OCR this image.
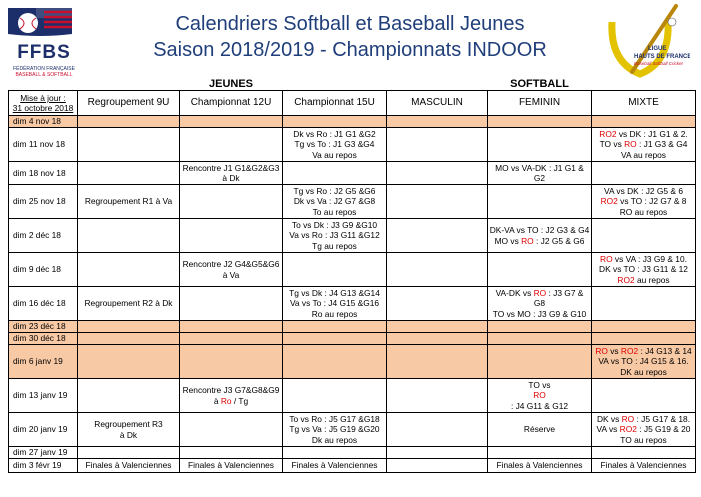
FFBS
FÉDÉRATION FRANÇAISE
BASEBALL & SOFTBALL
Calendriers Softball et Baseball Jeunes
Saison 2018/2019 - Championnats INDOOR	LIGUE
HAUTS DE FRANCE
Baseball Softball Cricket
		JEUNES			SOFTBALL	
Mise à jour :
31 octobre 2018	Regroupement 9U	Championnat 12U	Championnat 15U	MASCULIN	FEMININ	MIXTE
dim 4 nov 18						
dim 11 nov 18			Dk vs Ro : J1 G1 &G2
Tg vs To : J1 G3 &G4
Va au repos			RO2 vs DK : J1 G1 & 2.
TO vs RO : J1 G3 & G4
VA au repos
dim 18 nov 18		Rencontre J1 G1&G2&G3
à Dk			MO vs VA-DK : J1 G1 &
G2	
dim 25 nov 18	Regroupement R1 à Va		Tg vs Ro : J2 G5 &G6
Dk vs Va : J2 G7 &G8
To au repos			VA vs DK : J2 G5 & 6
RO2 vs TO : J2 G7 & 8
RO au repos
dim 2 déc 18			To vs Dk : J3 G9 &G10
Va vs Ro : J3 G11 &G12
Tg au repos		DK-VA vs TO : J2 G3 & G4
MO vs RO : J2 G5 & G6	
dim 9 déc 18		Rencontre J2 G4&G5&G6
à Va				RO vs VA : J3 G9 & 10.
DK vs TO : J3 G11 & 12
RO2 au repos
dim 16 déc 18	Regroupement R2 à Dk		Tg vs Dk : J4 G13 &G14
Va vs To : J4 G15 &G16
Ro au repos		VA-DK vs RO : J3 G7 & G8
TO vs MO : J3 G9 & G10	
dim 23 déc 18						
dim 30 déc 18						
dim 6 janv 19						RO vs RO2 : J4 G13 & 14
VA vs TO : J4 G15 & 16.
DK au repos
dim 13 janv 19		Rencontre J3 G7&G8&G9
à Ro / Tg			TO vs
RO
: J4 G11 & G12	
dim 20 janv 19	Regroupement R3
à Dk		To vs Ro : J5 G17 &G18
Tg vs Va : J5 G19 &G20
Dk au repos		Réserve	DK vs RO : J5 G17 & 18.
VA vs RO2 : J5 G19 & 20
TO au repos
dim 27 janv 19						
dim 3 févr 19	Finales à Valenciennes	Finales à Valenciennes	Finales à Valenciennes		Finales à Valenciennes	Finales à Valenciennes
